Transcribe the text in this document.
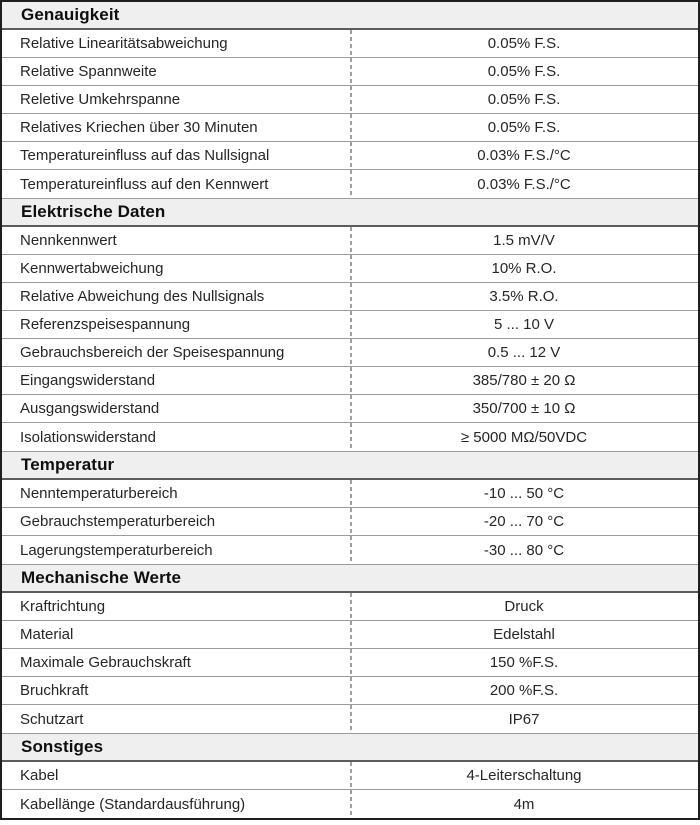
Genauigkeit
Relative Linearitätsabweichung	0.05% F.S.
Relative Spannweite	0.05% F.S.
Reletive Umkehrspanne	0.05% F.S.
Relatives Kriechen über 30 Minuten	0.05% F.S.
Temperatureinfluss auf das Nullsignal	0.03% F.S./°C
Temperatureinfluss auf den Kennwert	0.03% F.S./°C
Elektrische Daten
Nennkennwert	1.5 mV/V
Kennwertabweichung	10% R.O.
Relative Abweichung des Nullsignals	3.5% R.O.
Referenzspeisespannung	5 ... 10 V
Gebrauchsbereich der Speisespannung	0.5 ... 12 V
Eingangswiderstand	385/780 ± 20 Ω
Ausgangswiderstand	350/700 ± 10 Ω
Isolationswiderstand	≥ 5000 MΩ/50VDC
Temperatur
Nenntemperaturbereich	-10 ... 50 °C
Gebrauchstemperaturbereich	-20 ... 70 °C
Lagerungstemperaturbereich	-30 ... 80 °C
Mechanische Werte
Kraftrichtung	Druck
Material	Edelstahl
Maximale Gebrauchskraft	150 %F.S.
Bruchkraft	200 %F.S.
Schutzart	IP67
Sonstiges
Kabel	4-Leiterschaltung
Kabellänge (Standardausführung)	4m
